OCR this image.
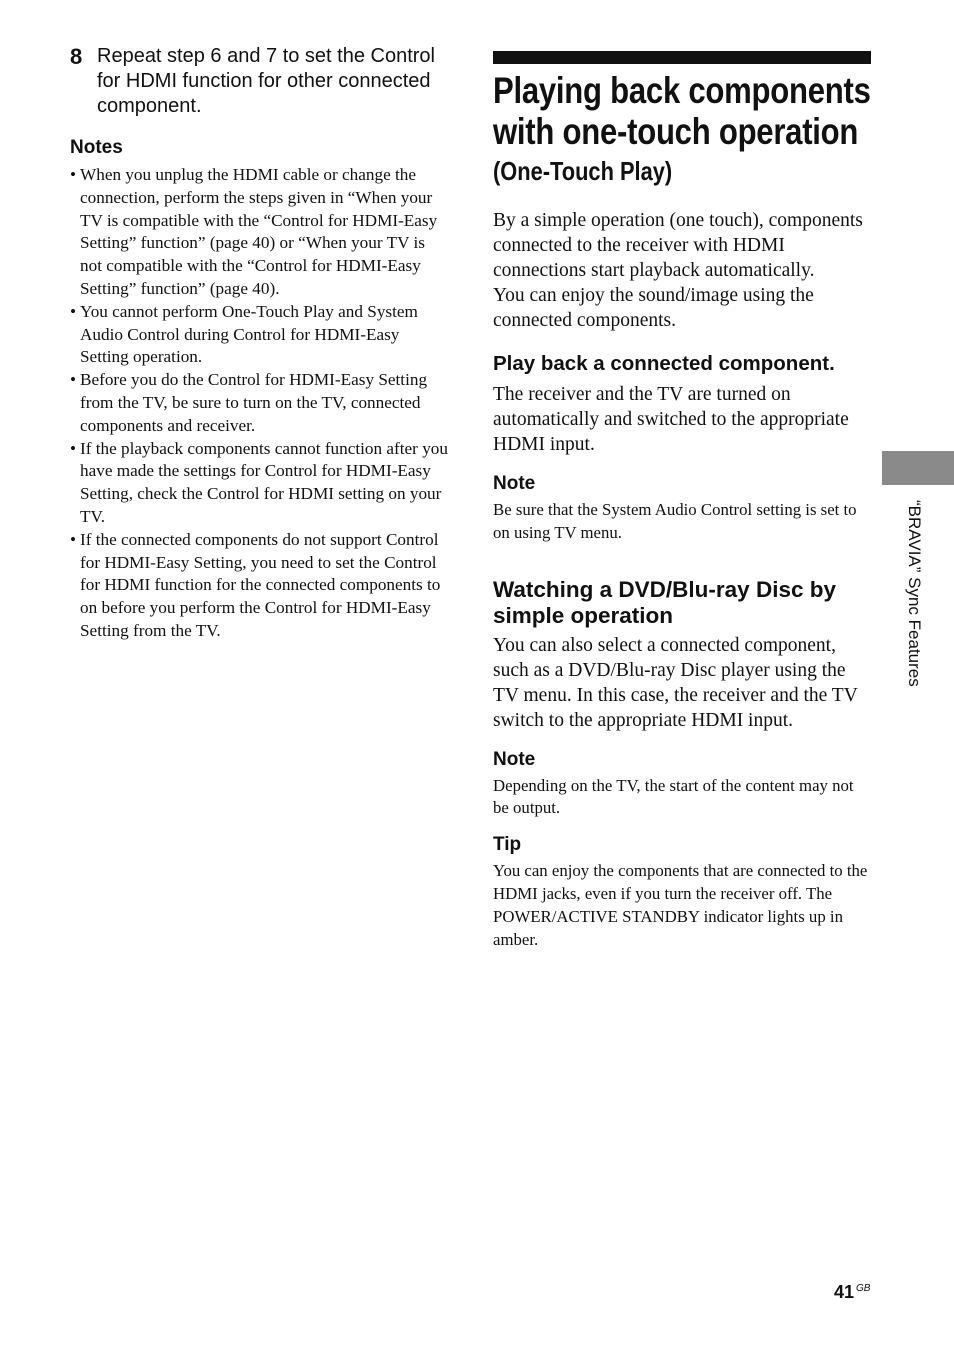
8 Repeat step 6 and 7 to set the Control for HDMI function for other connected component.
Notes
• When you unplug the HDMI cable or change the connection, perform the steps given in “When your TV is compatible with the “Control for HDMI-Easy Setting” function” (page 40) or “When your TV is not compatible with the “Control for HDMI-Easy Setting” function” (page 40).
• You cannot perform One-Touch Play and System Audio Control during Control for HDMI-Easy Setting operation.
• Before you do the Control for HDMI-Easy Setting from the TV, be sure to turn on the TV, connected components and receiver.
• If the playback components cannot function after you have made the settings for Control for HDMI-Easy Setting, check the Control for HDMI setting on your TV.
• If the connected components do not support Control for HDMI-Easy Setting, you need to set the Control for HDMI function for the connected components to on before you perform the Control for HDMI-Easy Setting from the TV.
Playing back components with one-touch operation
(One-Touch Play)

By a simple operation (one touch), components connected to the receiver with HDMI connections start playback automatically.

You can enjoy the sound/image using the connected components.

Play back a connected component.

The receiver and the TV are turned on automatically and switched to the appropriate HDMI input.

Note

Be sure that the System Audio Control setting is set to on using TV menu.

Watching a DVD/Blu-ray Disc by simple operation

You can also select a connected component, such as a DVD/Blu-ray Disc player using the TV menu. In this case, the receiver and the TV switch to the appropriate HDMI input.

Note

Depending on the TV, the start of the content may not be output.

Tip

You can enjoy the components that are connected to the HDMI jacks, even if you turn the receiver off. The POWER/ACTIVE STANDBY indicator lights up in amber.

“BRAVIA” Sync Features
41 $^{GB}$
